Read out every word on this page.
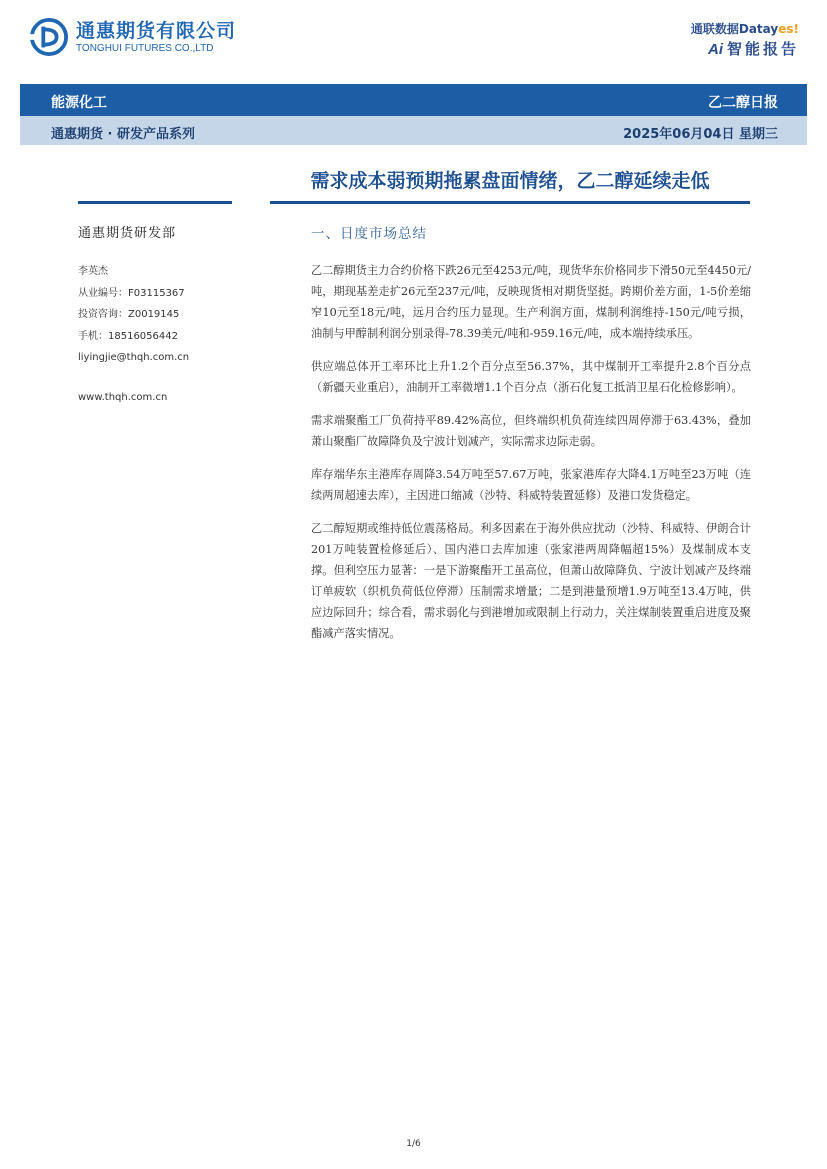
通惠期货有限公司
TONGHUI FUTURES CO.,LTD
通联数据Datayes!
Ai 智能报告
能源化工	乙二醇日报
通惠期货 · 研发产品系列	2025年06月04日 星期三
需求成本弱预期拖累盘面情绪，乙二醇延续走低
通惠期货研发部
李英杰
从业编号：F03115367
投资咨询：Z0019145
手机：18516056442
liyingjie@thqh.com.cn
www.thqh.com.cn
一、日度市场总结

乙二醇期货主力合约价格下跌26元至4253元/吨，现货华东价格同步下滑50元至4450元/吨，期现基差走扩26元至237元/吨，反映现货相对期货坚挺。跨期价差方面，1-5价差缩窄10元至18元/吨，远月合约压力显现。生产利润方面，煤制利润维持-150元/吨亏损，油制与甲醇制利润分别录得-78.39美元/吨和-959.16元/吨，成本端持续承压。

供应端总体开工率环比上升1.2个百分点至56.37%，其中煤制开工率提升2.8个百分点（新疆天业重启），油制开工率微增1.1个百分点（浙石化复工抵消卫星石化检修影响）。

需求端聚酯工厂负荷持平89.42%高位，但终端织机负荷连续四周停滞于63.43%，叠加萧山聚酯厂故障降负及宁波计划减产，实际需求边际走弱。

库存端华东主港库存周降3.54万吨至57.67万吨，张家港库存大降4.1万吨至23万吨（连续两周超速去库），主因进口缩减（沙特、科威特装置延修）及港口发货稳定。

乙二醇短期或维持低位震荡格局。利多因素在于海外供应扰动（沙特、科威特、伊朗合计201万吨装置检修延后）、国内港口去库加速（张家港两周降幅超15%）及煤制成本支撑。但利空压力显著：一是下游聚酯开工虽高位，但萧山故障降负、宁波计划减产及终端订单疲软（织机负荷低位停滞）压制需求增量；二是到港量预增1.9万吨至13.4万吨，供应边际回升；综合看，需求弱化与到港增加或限制上行动力，关注煤制装置重启进度及聚酯减产落实情况。

1/6
